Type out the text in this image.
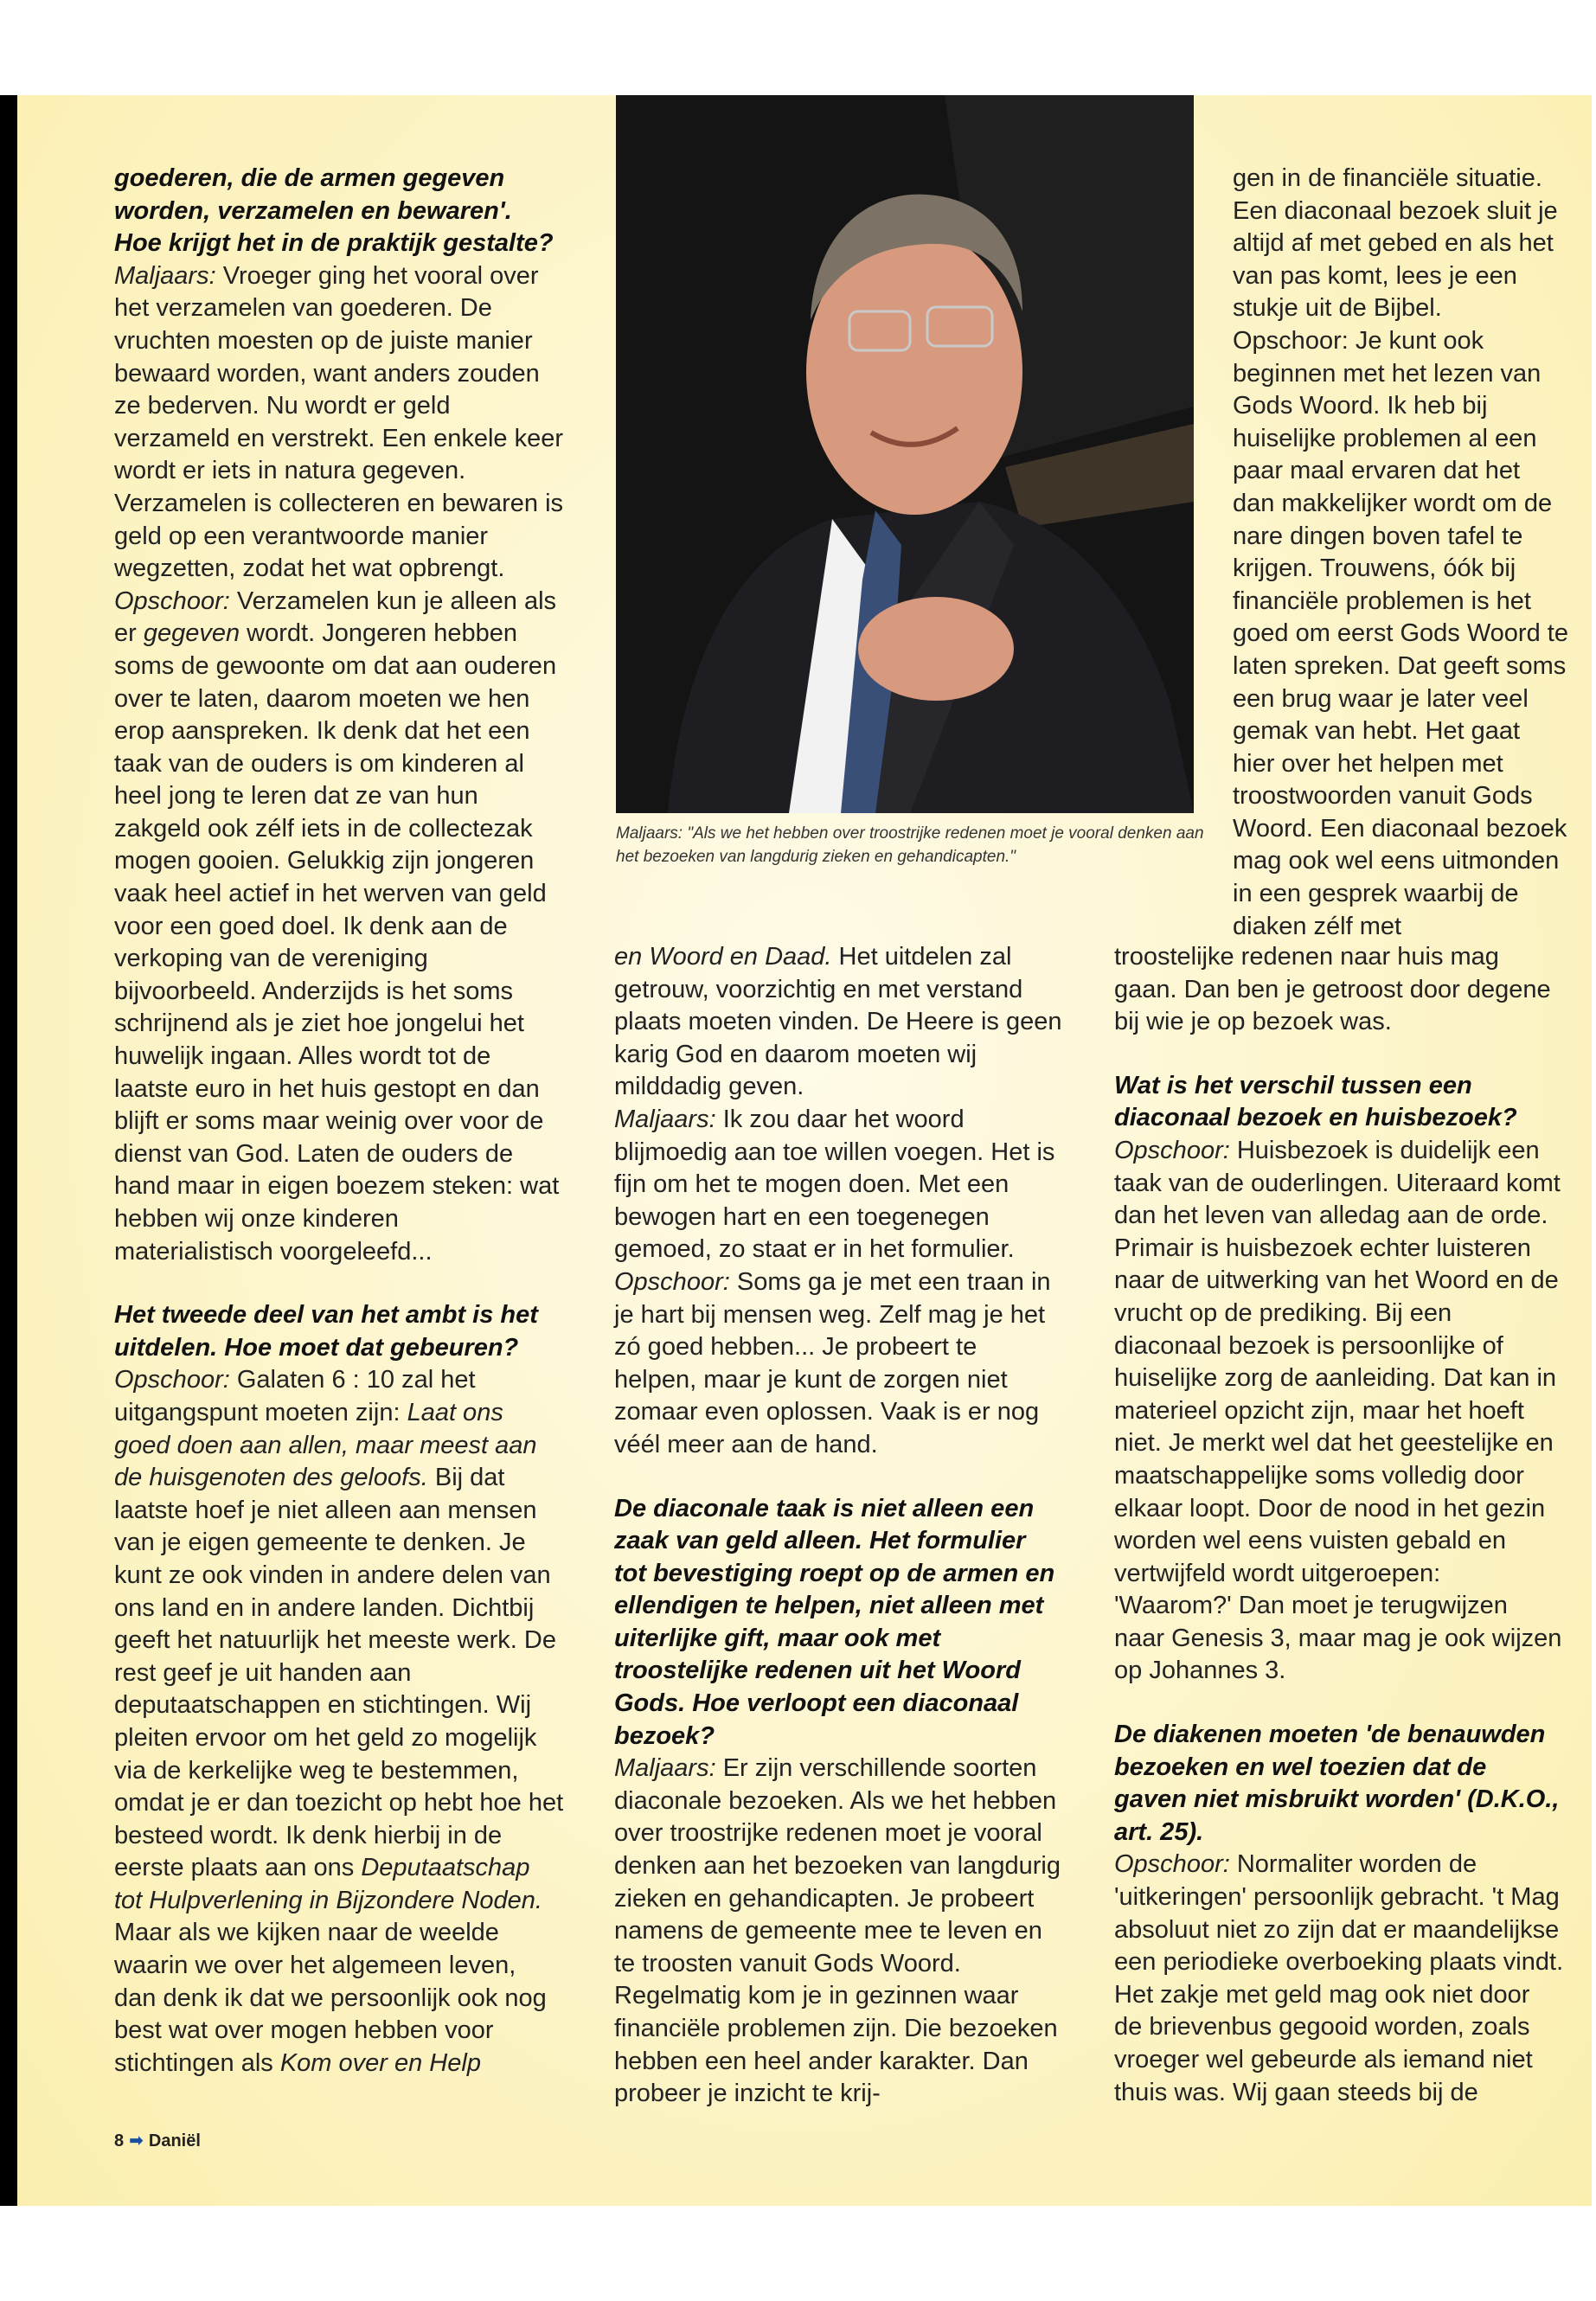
goederen, die de armen gegeven worden, verzamelen en bewaren'. Hoe krijgt het in de praktijk gestalte?

Maljaars: Vroeger ging het vooral over het verzamelen van goederen. De vruchten moesten op de juiste manier bewaard worden, want anders zouden ze bederven. Nu wordt er geld verzameld en verstrekt. Een enkele keer wordt er iets in natura gegeven. Verzamelen is collecteren en bewaren is geld op een verantwoorde manier wegzetten, zodat het wat opbrengt.

Opschoor: Verzamelen kun je alleen als er gegeven wordt. Jongeren hebben soms de gewoonte om dat aan ouderen over te laten, daarom moeten we hen erop aanspreken. Ik denk dat het een taak van de ouders is om kinderen al heel jong te leren dat ze van hun zakgeld ook zélf iets in de collectezak mogen gooien. Gelukkig zijn jongeren vaak heel actief in het werven van geld voor een goed doel. Ik denk aan de verkoping van de vereniging bijvoorbeeld. Anderzijds is het soms schrijnend als je ziet hoe jongelui het huwelijk ingaan. Alles wordt tot de laatste euro in het huis gestopt en dan blijft er soms maar weinig over voor de dienst van God. Laten de ouders de hand maar in eigen boezem steken: wat hebben wij onze kinderen materialistisch voorgeleefd...

Het tweede deel van het ambt is het uitdelen. Hoe moet dat gebeuren?

Opschoor: Galaten 6 : 10 zal het uitgangspunt moeten zijn: Laat ons goed doen aan allen, maar meest aan de huisgenoten des geloofs. Bij dat laatste hoef je niet alleen aan mensen van je eigen gemeente te denken. Je kunt ze ook vinden in andere delen van ons land en in andere landen. Dichtbij geeft het natuurlijk het meeste werk. De rest geef je uit handen aan deputaatschappen en stichtingen. Wij pleiten ervoor om het geld zo mogelijk via de kerkelijke weg te bestemmen, omdat je er dan toezicht op hebt hoe het besteed wordt. Ik denk hierbij in de eerste plaats aan ons Deputaatschap tot Hulpverlening in Bijzondere Noden. Maar als we kijken naar de weelde waarin we over het algemeen leven, dan denk ik dat we persoonlijk ook nog best wat over mogen hebben voor stichtingen als Kom over en Help

Maljaars: "Als we het hebben over troostrijke redenen moet je vooral denken aan het bezoeken van langdurig zieken en gehandicapten."

en Woord en Daad. Het uitdelen zal getrouw, voorzichtig en met verstand plaats moeten vinden. De Heere is geen karig God en daarom moeten wij milddadig geven.

Maljaars: Ik zou daar het woord blijmoedig aan toe willen voegen. Het is fijn om het te mogen doen. Met een bewogen hart en een toegenegen gemoed, zo staat er in het formulier.

Opschoor: Soms ga je met een traan in je hart bij mensen weg. Zelf mag je het zó goed hebben... Je probeert te helpen, maar je kunt de zorgen niet zomaar even oplossen. Vaak is er nog véél meer aan de hand.

De diaconale taak is niet alleen een zaak van geld alleen. Het formulier tot bevestiging roept op de armen en ellendigen te helpen, niet alleen met uiterlijke gift, maar ook met troostelijke redenen uit het Woord Gods. Hoe verloopt een diaconaal bezoek?

Maljaars: Er zijn verschillende soorten diaconale bezoeken. Als we het hebben over troostrijke redenen moet je vooral denken aan het bezoeken van langdurig zieken en gehandicapten. Je probeert namens de gemeente mee te leven en te troosten vanuit Gods Woord. Regelmatig kom je in gezinnen waar financiële problemen zijn. Die bezoeken hebben een heel ander karakter. Dan probeer je inzicht te krij-

gen in de financiële situatie. Een diaconaal bezoek sluit je altijd af met gebed en als het van pas komt, lees je een stukje uit de Bijbel.

Opschoor: Je kunt ook beginnen met het lezen van Gods Woord. Ik heb bij huiselijke problemen al een paar maal ervaren dat het dan makkelijker wordt om de nare dingen boven tafel te krijgen. Trouwens, óók bij financiële problemen is het goed om eerst Gods Woord te laten spreken. Dat geeft soms een brug waar je later veel gemak van hebt. Het gaat hier over het helpen met troostwoorden vanuit Gods Woord. Een diaconaal bezoek mag ook wel eens uitmonden in een gesprek waarbij de diaken zélf met

troostelijke redenen naar huis mag gaan. Dan ben je getroost door degene bij wie je op bezoek was.

Wat is het verschil tussen een diaconaal bezoek en huisbezoek?

Opschoor: Huisbezoek is duidelijk een taak van de ouderlingen. Uiteraard komt dan het leven van alledag aan de orde. Primair is huisbezoek echter luisteren naar de uitwerking van het Woord en de vrucht op de prediking. Bij een diaconaal bezoek is persoonlijke of huiselijke zorg de aanleiding. Dat kan in materieel opzicht zijn, maar het hoeft niet. Je merkt wel dat het geestelijke en maatschappelijke soms volledig door elkaar loopt. Door de nood in het gezin worden wel eens vuisten gebald en vertwijfeld wordt uitgeroepen: 'Waarom?' Dan moet je terugwijzen naar Genesis 3, maar mag je ook wijzen op Johannes 3.

De diakenen moeten 'de benauwden bezoeken en wel toezien dat de gaven niet misbruikt worden' (D.K.O., art. 25).

Opschoor: Normaliter worden de 'uitkeringen' persoonlijk gebracht. 't Mag absoluut niet zo zijn dat er maandelijkse een periodieke overboeking plaats vindt. Het zakje met geld mag ook niet door de brievenbus gegooid worden, zoals vroeger wel gebeurde als iemand niet thuis was. Wij gaan steeds bij de

8 ➡ Daniël
